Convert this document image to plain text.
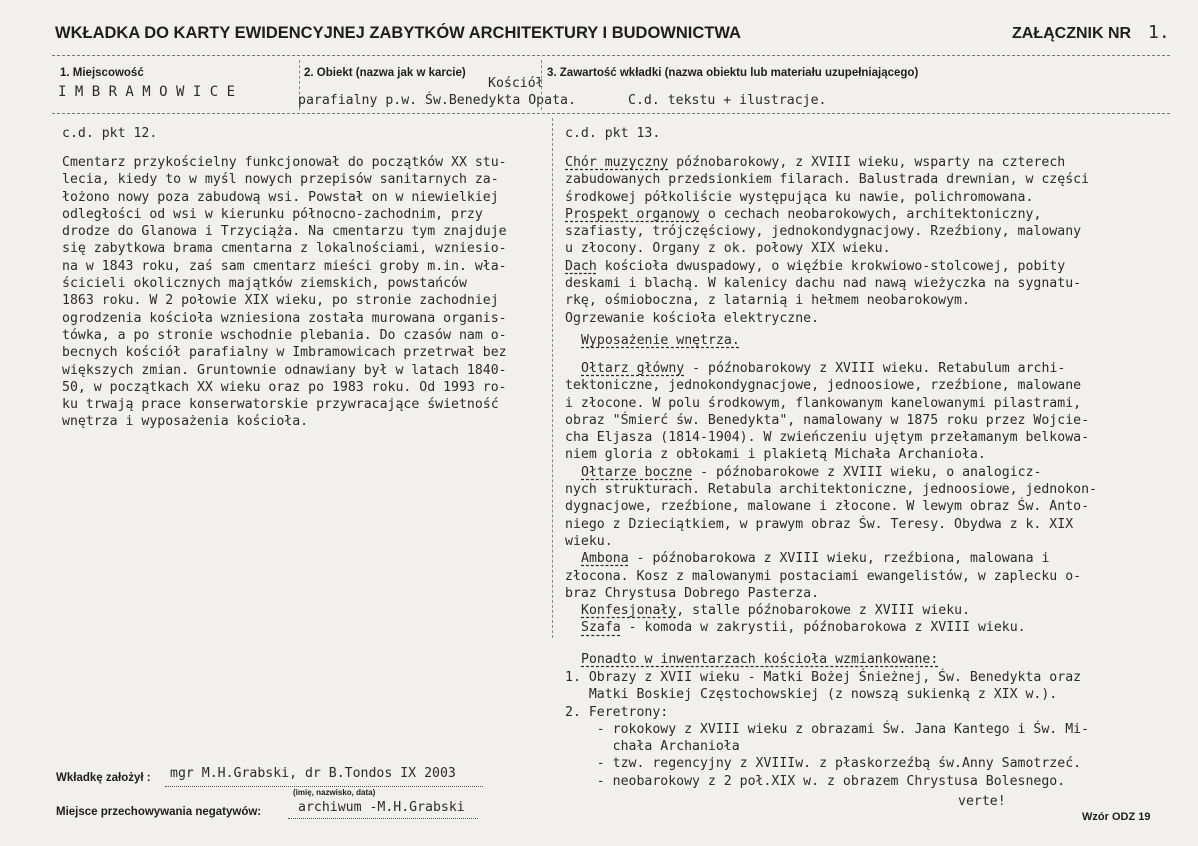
WKŁADKA DO KARTY EWIDENCYJNEJ ZABYTKÓW ARCHITEKTURY I BUDOWNICTWA	ZAŁĄCZNIK NR 1.
1. Miejscowość
I M B R A M O W I C E
2. Obiekt (nazwa jak w karcie)
Kościół
parafialny p.w. Św.Benedykta Opata.
3. Zawartość wkładki (nazwa obiektu lub materiału uzupełniającego)
C.d. tekstu + ilustracje.
c.d. pkt 12.
Cmentarz przykościelny funkcjonował do początków XX stu-
lecia, kiedy to w myśl nowych przepisów sanitarnych za-
łożono nowy poza zabudową wsi. Powstał on w niewielkiej
odległości od wsi w kierunku północno-zachodnim, przy
drodze do Glanowa i Trzyciąża. Na cmentarzu tym znajduje
się zabytkowa brama cmentarna z lokalnościami, wzniesio-
na w 1843 roku, zaś sam cmentarz mieści groby m.in. wła-
ścicieli okolicznych majątków ziemskich, powstańców
1863 roku. W 2 połowie XIX wieku, po stronie zachodniej
ogrodzenia kościoła wzniesiona została murowana organis-
tówka, a po stronie wschodnie plebania. Do czasów nam o-
becnych kościół parafialny w Imbramowicach przetrwał bez
większych zmian. Gruntownie odnawiany był w latach 1840-
50, w początkach XX wieku oraz po 1983 roku. Od 1993 ro-
ku trwają prace konserwatorskie przywracające świetność
wnętrza i wyposażenia kościoła.
c.d. pkt 13.
Chór muzyczny późnobarokowy, z XVIII wieku, wsparty na czterech
zabudowanych przedsionkiem filarach. Balustrada drewnian, w części
środkowej półkoliście występująca ku nawie, polichromowana.
Prospekt organowy o cechach neobarokowych, architektoniczny,
szafiasty, trójczęściowy, jednokondygnacjowy. Rzeźbiony, malowany
u złocony. Organy z ok. połowy XIX wieku.
Dach kościoła dwuspadowy, o więźbie krokwiowo-stolcowej, pobity
deskami i blachą. W kalenicy dachu nad nawą wieżyczka na sygnatu-
rkę, ośmioboczna, z latarnią i hełmem neobarokowym.
Ogrzewanie kościoła elektryczne.
Wyposażenie wnętrza.
Ołtarz główny - późnobarokowy z XVIII wieku. Retabulum archi-
tektoniczne, jednokondygnacjowe, jednoosiowe, rzeźbione, malowane
i złocone. W polu środkowym, flankowanym kanelowanymi pilastrami,
obraz "Śmierć św. Benedykta", namalowany w 1875 roku przez Wojcie-
cha Eljasza (1814-1904). W zwieńczeniu ujętym przełamanym belkowa-
niem gloria z obłokami i plakietą Michała Archanioła.
Ołtarze boczne - późnobarokowe z XVIII wieku, o analogicz-
nych strukturach. Retabula architektoniczne, jednoosiowe, jednokon-
dygnacjowe, rzeźbione, malowane i złocone. W lewym obraz Św. Anto-
niego z Dzieciątkiem, w prawym obraz Św. Teresy. Obydwa z k. XIX
wieku.
Ambona - późnobarokowa z XVIII wieku, rzeźbiona, malowana i
złocona. Kosz z malowanymi postaciami ewangelistów, w zaplecku o-
braz Chrystusa Dobrego Pasterza.
Konfesjonały, stalle późnobarokowe z XVIII wieku.
Szafa - komoda w zakrystii, późnobarokowa z XVIII wieku.
Ponadto w inwentarzach kościoła wzmiankowane:
1. Obrazy z XVII wieku - Matki Bożej Śnieżnej, Św. Benedykta oraz
Matki Boskiej Częstochowskiej (z nowszą sukienką z XIX w.).
2. Feretrony:
- rokokowy z XVIII wieku z obrazami Św. Jana Kantego i Św. Mi-
chała Archanioła
- tzw. regencyjny z XVIIIw. z płaskorzeźbą św.Anny Samotrzeć.
- neobarokowy z 2 poł.XIX w. z obrazem Chrystusa Bolesnego.
verte!
Wkładkę założył : mgr M.H.Grabski, dr B.Tondos IX 2003
(imię, nazwisko, data)
Miejsce przechowywania negatywów:	archiwum -M.H.Grabski
Wzór ODZ 19
